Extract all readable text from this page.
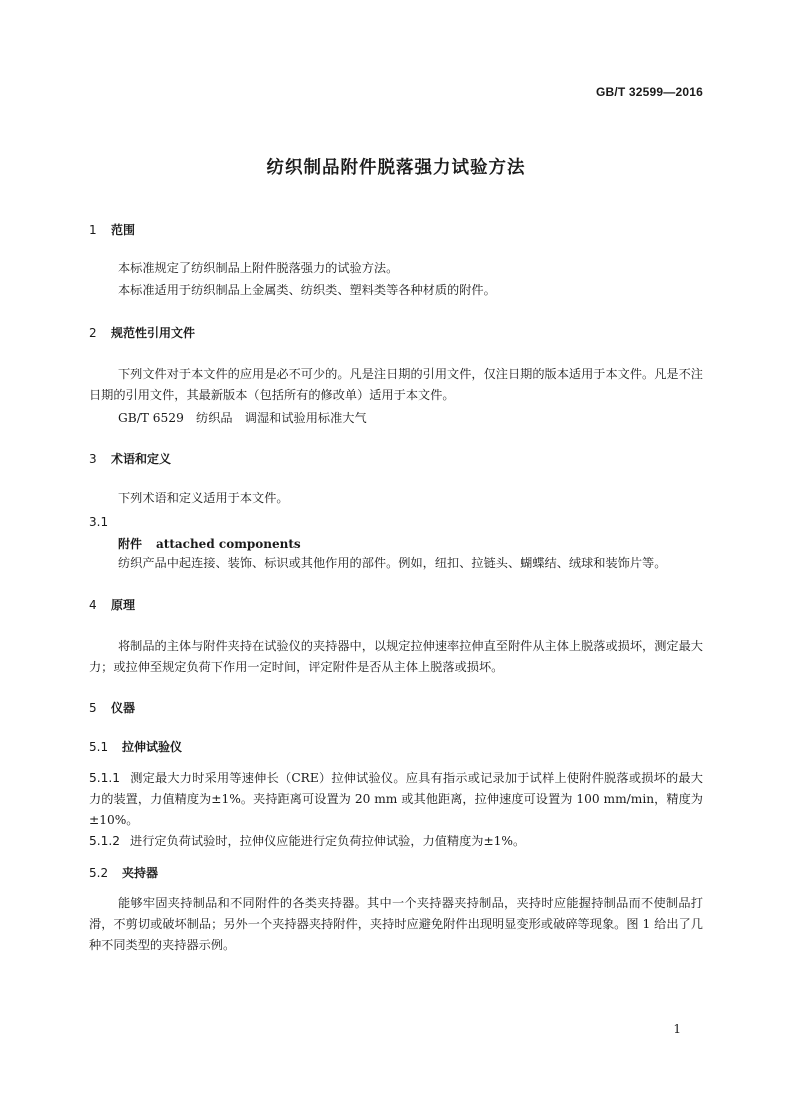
GB/T 32599—2016
纺织制品附件脱落强力试验方法
1 范围
本标准规定了纺织制品上附件脱落强力的试验方法。
本标准适用于纺织制品上金属类、纺织类、塑料类等各种材质的附件。
2 规范性引用文件
下列文件对于本文件的应用是必不可少的。凡是注日期的引用文件，仅注日期的版本适用于本文件。凡是不注日期的引用文件，其最新版本（包括所有的修改单）适用于本文件。
GB/T 6529　纺织品　调湿和试验用标准大气
3 术语和定义
下列术语和定义适用于本文件。
3.1
附件 attached components
纺织产品中起连接、装饰、标识或其他作用的部件。例如，纽扣、拉链头、蝴蝶结、绒球和装饰片等。
4 原理
将制品的主体与附件夹持在试验仪的夹持器中，以规定拉伸速率拉伸直至附件从主体上脱落或损坏，测定最大力；或拉伸至规定负荷下作用一定时间，评定附件是否从主体上脱落或损坏。
5 仪器
5.1 拉伸试验仪
5.1.1 测定最大力时采用等速伸长（CRE）拉伸试验仪。应具有指示或记录加于试样上使附件脱落或损坏的最大力的装置，力值精度为±1%。夹持距离可设置为 20 mm 或其他距离，拉伸速度可设置为 100 mm/min，精度为±10%。
5.1.2 进行定负荷试验时，拉伸仪应能进行定负荷拉伸试验，力值精度为±1%。
5.2 夹持器
能够牢固夹持制品和不同附件的各类夹持器。其中一个夹持器夹持制品，夹持时应能握持制品而不使制品打滑，不剪切或破坏制品；另外一个夹持器夹持附件，夹持时应避免附件出现明显变形或破碎等现象。图 1 给出了几种不同类型的夹持器示例。
1
